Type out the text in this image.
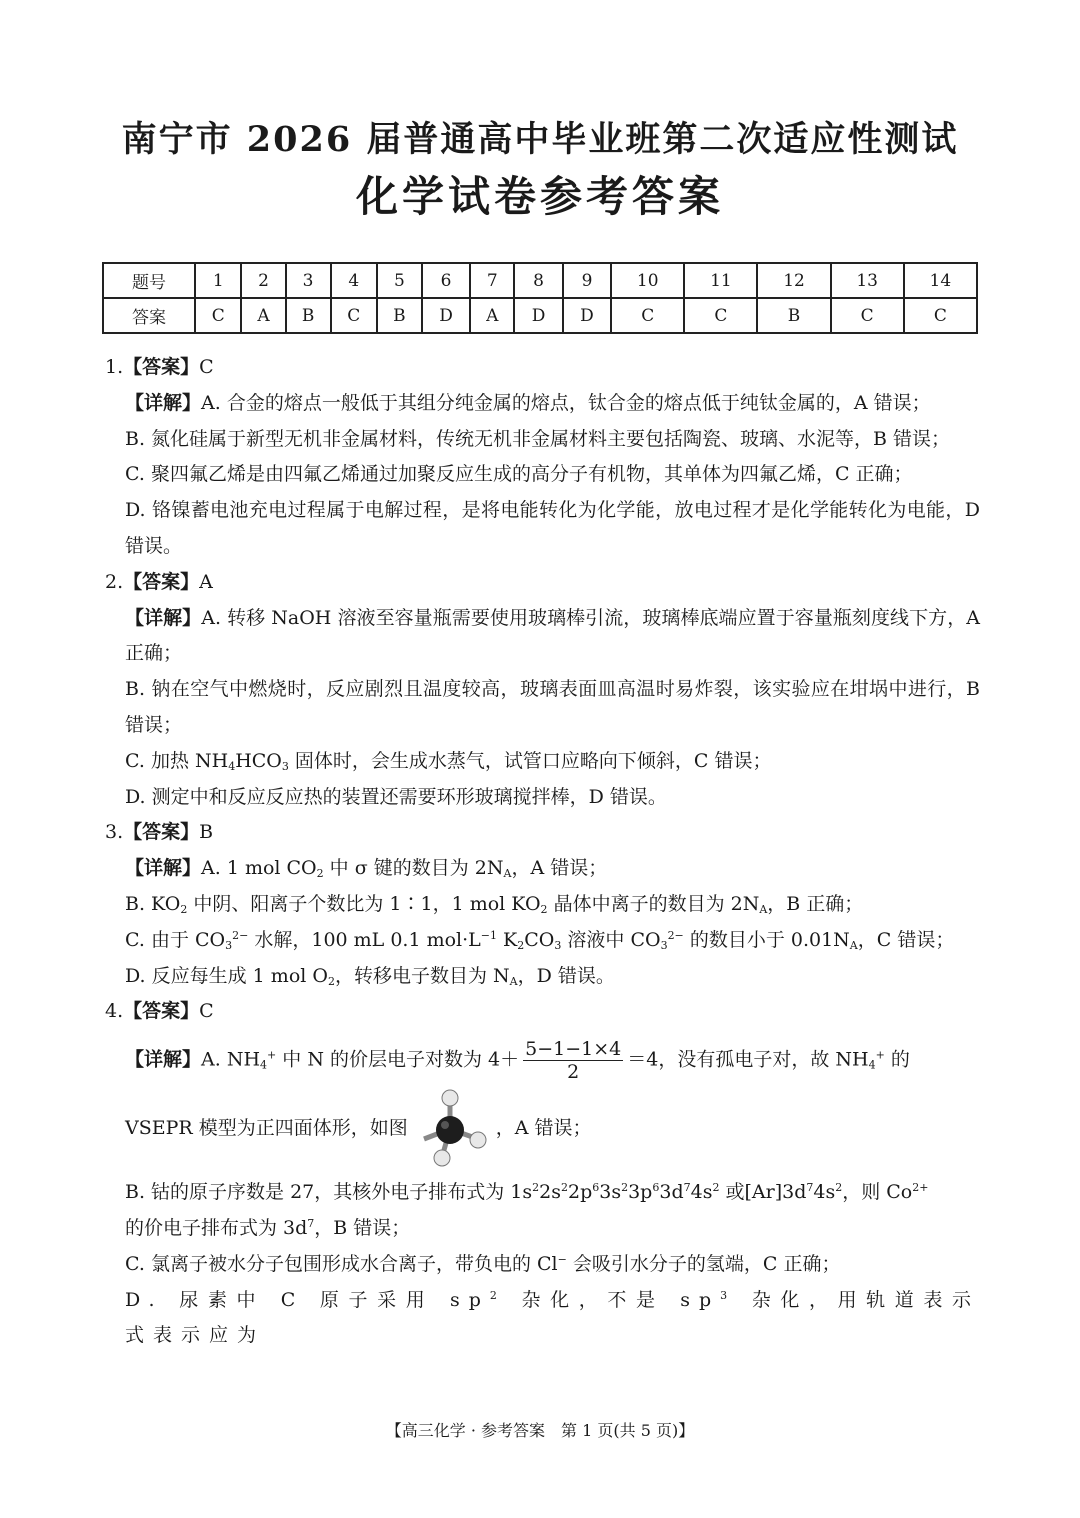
南宁市 2026 届普通高中毕业班第二次适应性测试
化学试卷参考答案
题号	1	2	3	4	5	6	7	8	9	10	11	12	13	14
答案	C	A	B	C	B	D	A	D	D	C	C	B	C	C

1.【答案】C

【详解】A. 合金的熔点一般低于其组分纯金属的熔点，钛合金的熔点低于纯钛金属的，A 错误；

B. 氮化硅属于新型无机非金属材料，传统无机非金属材料主要包括陶瓷、玻璃、水泥等，B 错误；

C. 聚四氟乙烯是由四氟乙烯通过加聚反应生成的高分子有机物，其单体为四氟乙烯，C 正确；

D. 铬镍蓄电池充电过程属于电解过程，是将电能转化为化学能，放电过程才是化学能转化为电能，D 错误。

2.【答案】A

【详解】A. 转移 NaOH 溶液至容量瓶需要使用玻璃棒引流，玻璃棒底端应置于容量瓶刻度线下方，A 正确；

B. 钠在空气中燃烧时，反应剧烈且温度较高，玻璃表面皿高温时易炸裂，该实验应在坩埚中进行，B 错误；

C. 加热 $NH_4HCO_3$ 固体时，会生成水蒸气，试管口应略向下倾斜，C 错误；

D. 测定中和反应反应热的装置还需要环形玻璃搅拌棒，D 错误。

3.【答案】B

【详解】A. 1 mol $CO_2$ 中 σ 键的数目为 $2N_A$，A 错误；

B. $KO_2$ 中阴、阳离子个数比为 1∶1，1 mol $KO_2$ 晶体中离子的数目为 $2N_A$，B 正确；

C. 由于 $CO_3^{2-}$ 水解，100 mL 0.1 $mol\cdot L^{-1}$ $K_2CO_3$ 溶液中 $CO_3^{2-}$ 的数目小于 $0.01N_A$，C 错误；

D. 反应每生成 1 mol $O_2$，转移电子数目为 $N_A$，D 错误。

4.【答案】C

【详解】A. $NH_4^+$ 中 N 的价层电子对数为 $4+ \frac{5-1-1\times 4}{2} =4$，没有孤电子对，故 $NH_4^+$ 的

VSEPR 模型为正四面体形，如图	，A 错误；

B. 钴的原子序数是 27，其核外电子排布式为 $1s^22s^22p^63s^23p^63d^74s^2$ 或$[Ar]3d^74s^2$，则 $Co^{2+}$

的价电子排布式为 $3d^7$，B 错误；

C. 氯离子被水分子包围形成水合离子，带负电的 Cl− 会吸引水分子的氢端，C 正确；

D. 尿素中 C 原子采用 $sp^2$ 杂化，不是 $sp^3$ 杂化，用轨道表示式表示应为

【高三化学 · 参考答案　第 1 页(共 5 页)】
